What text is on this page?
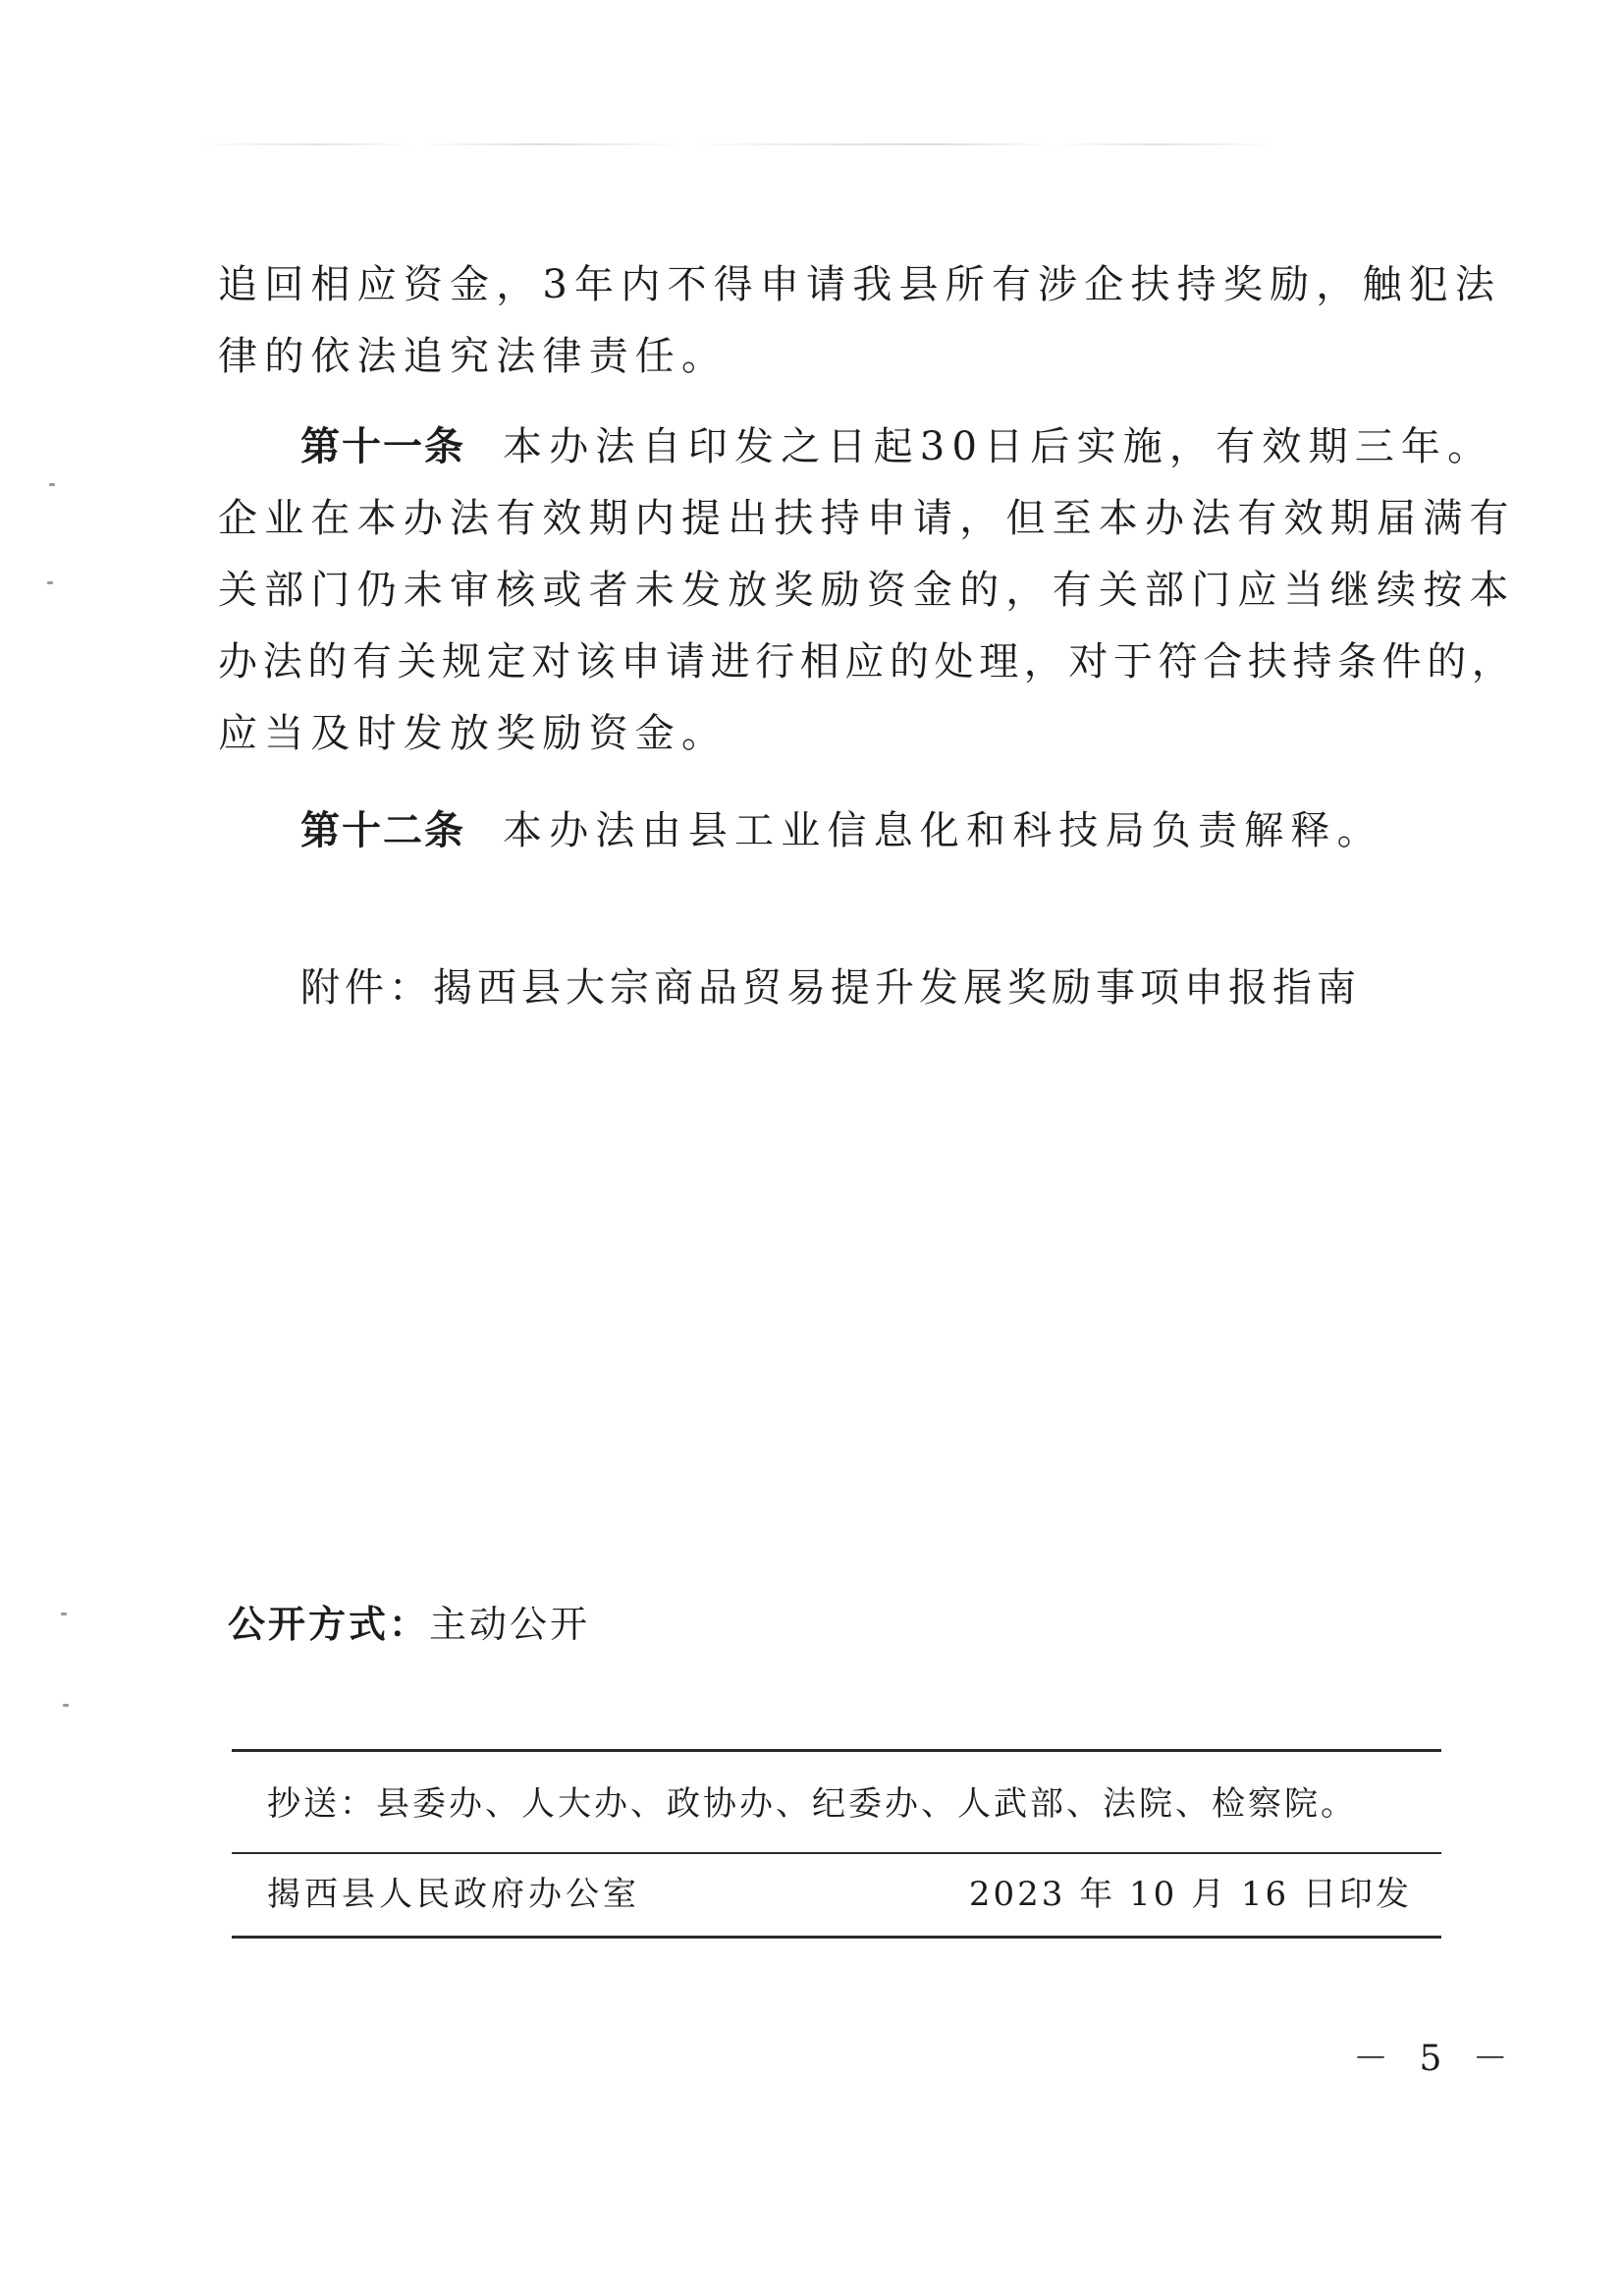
追回相应资金，3年内不得申请我县所有涉企扶持奖励，触犯法
律的依法追究法律责任。
第十一条 本办法自印发之日起30日后实施，有效期三年。
企业在本办法有效期内提出扶持申请，但至本办法有效期届满有
关部门仍未审核或者未发放奖励资金的，有关部门应当继续按本
办法的有关规定对该申请进行相应的处理，对于符合扶持条件的，
应当及时发放奖励资金。
第十二条 本办法由县工业信息化和科技局负责解释。
附件：揭西县大宗商品贸易提升发展奖励事项申报指南
公开方式：主动公开
抄送：县委办、人大办、政协办、纪委办、人武部、法院、检察院。
揭西县人民政府办公室	2023 年 10 月 16 日印发
－ 5 －
